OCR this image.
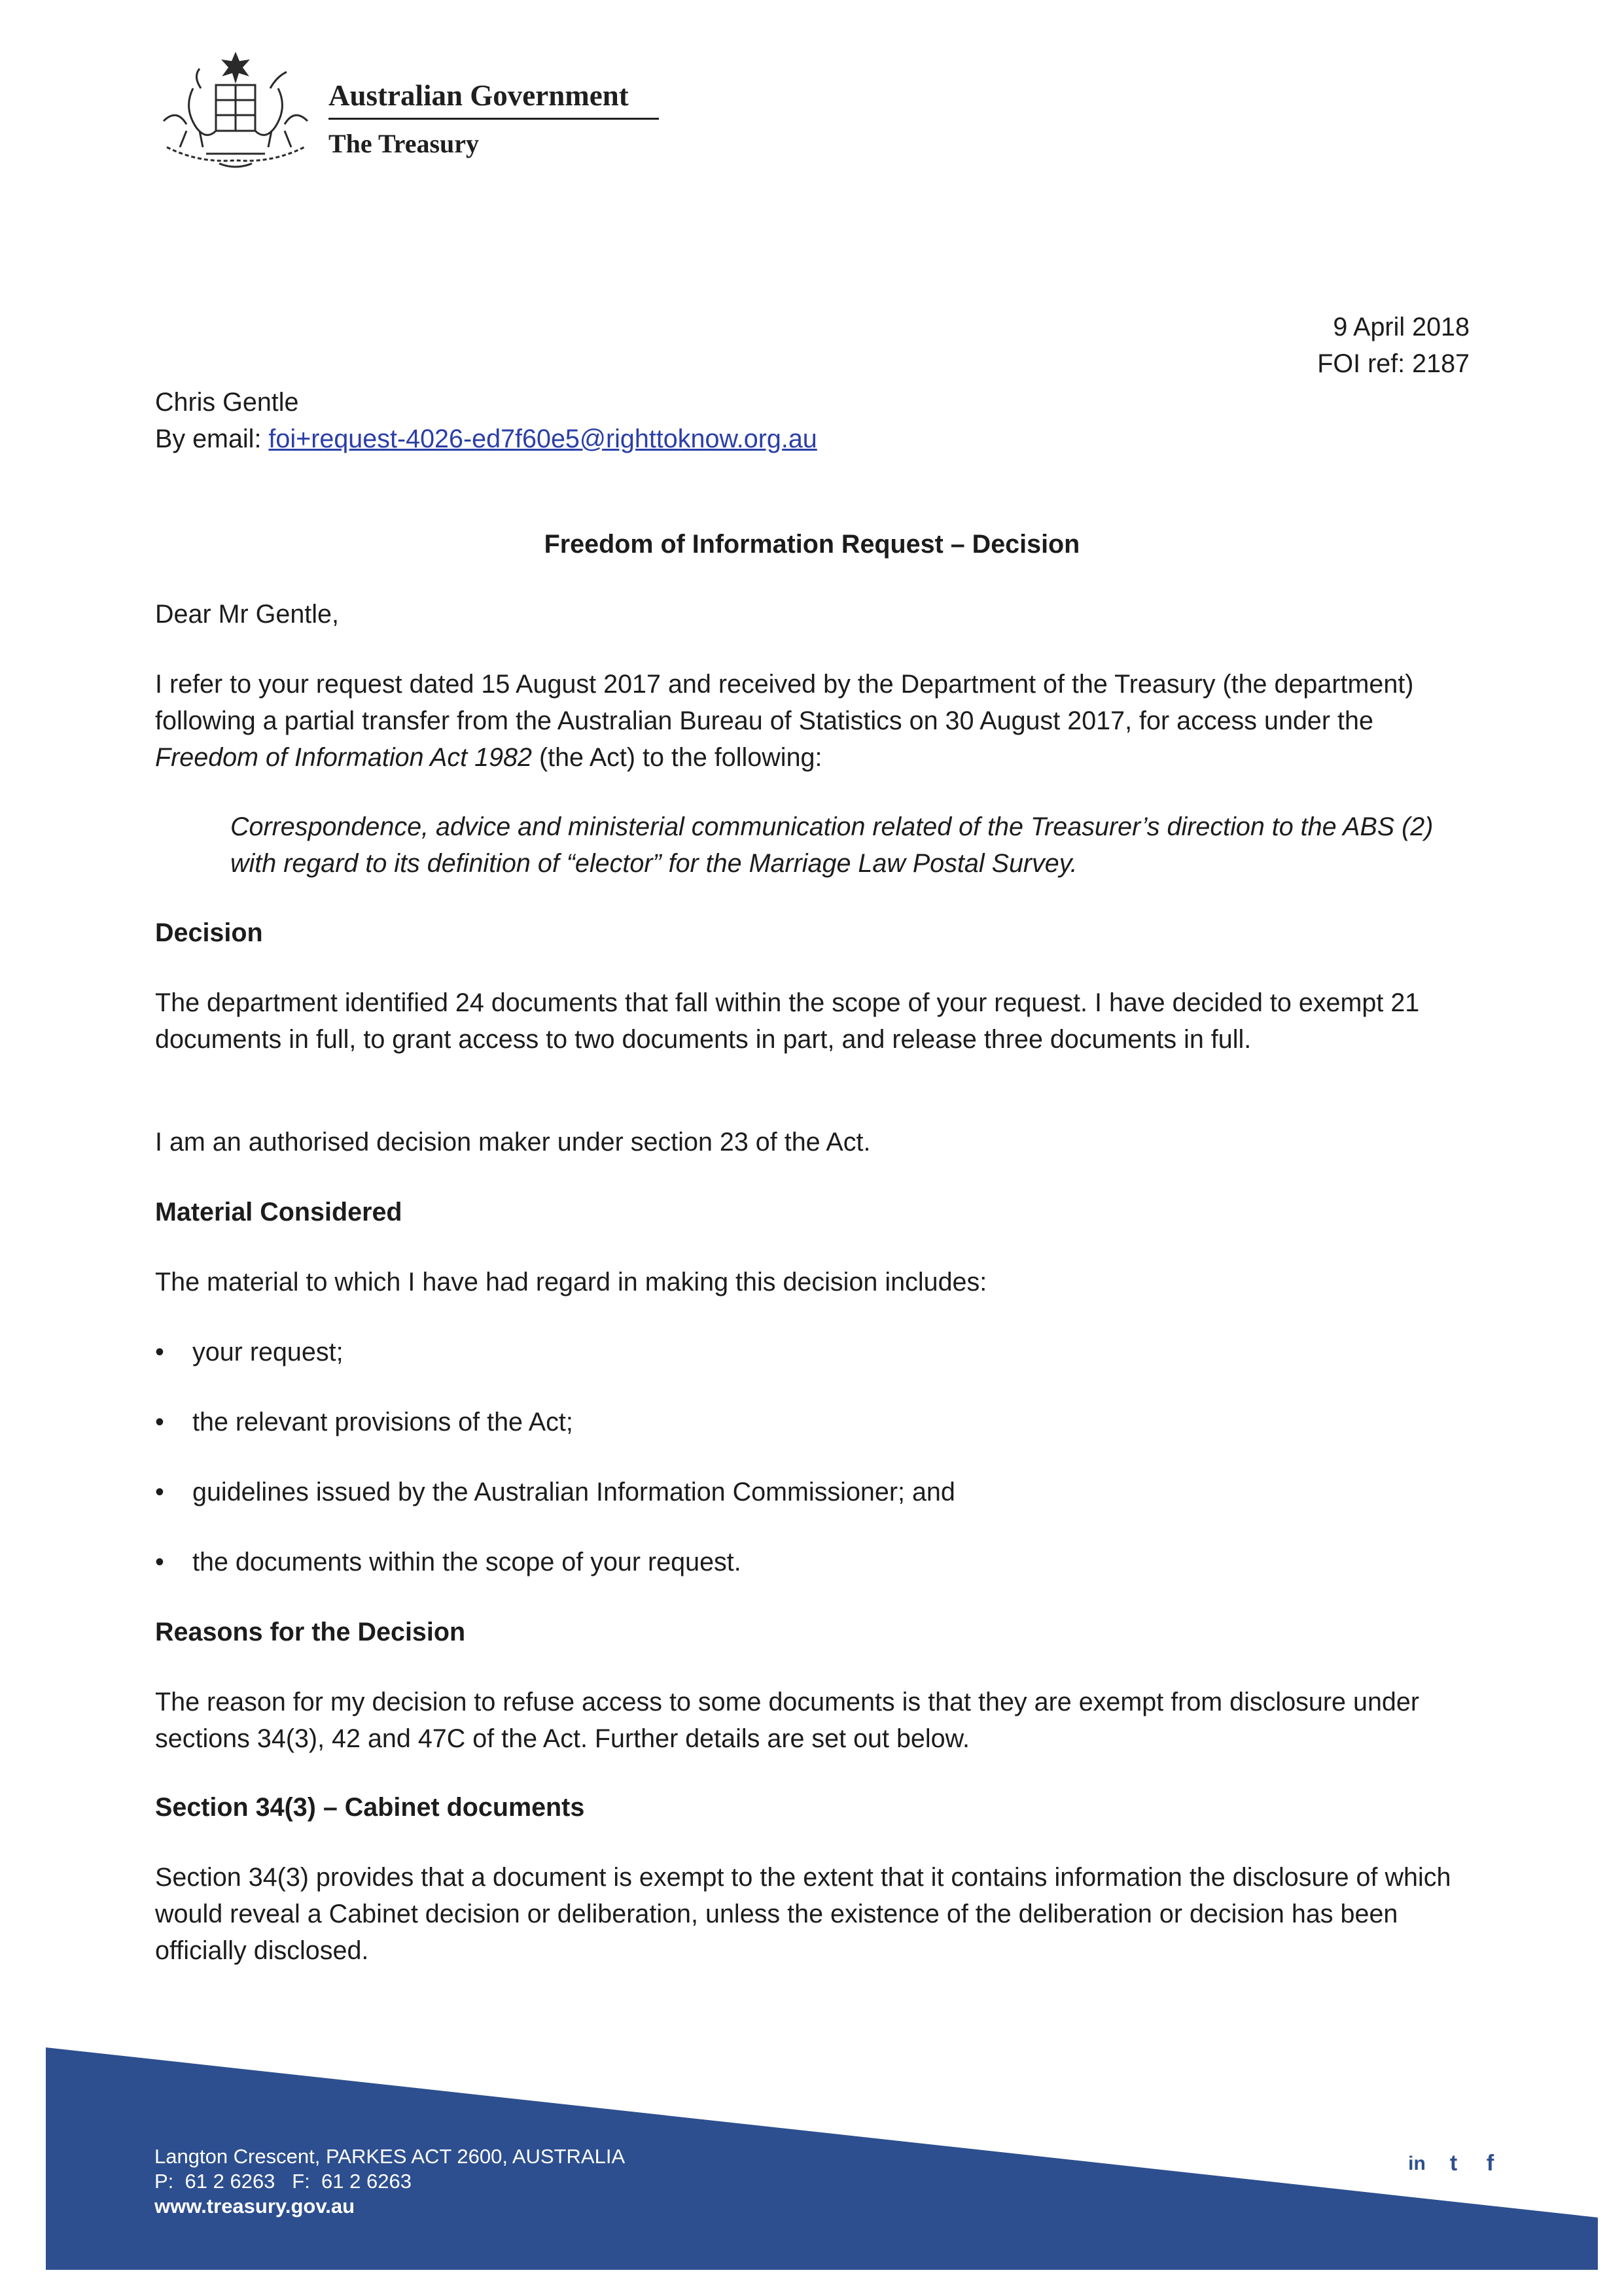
Australian Government
The Treasury
9 April 2018
FOI ref: 2187
Chris Gentle
By email: foi+request-4026-ed7f60e5@righttoknow.org.au
Freedom of Information Request – Decision
Dear Mr Gentle,
I refer to your request dated 15 August 2017 and received by the Department of the Treasury (the department) following a partial transfer from the Australian Bureau of Statistics on 30 August 2017, for access under the Freedom of Information Act 1982 (the Act) to the following:
Correspondence, advice and ministerial communication related of the Treasurer’s direction to the ABS (2) with regard to its definition of “elector” for the Marriage Law Postal Survey.
Decision
The department identified 24 documents that fall within the scope of your request. I have decided to exempt 21 documents in full, to grant access to two documents in part, and release three documents in full.
I am an authorised decision maker under section 23 of the Act.
Material Considered
The material to which I have had regard in making this decision includes:
•	your request;
•	the relevant provisions of the Act;
•	guidelines issued by the Australian Information Commissioner; and
•	the documents within the scope of your request.
Reasons for the Decision
The reason for my decision to refuse access to some documents is that they are exempt from disclosure under sections 34(3), 42 and 47C of the Act. Further details are set out below.
Section 34(3) – Cabinet documents
Section 34(3) provides that a document is exempt to the extent that it contains information the disclosure of which would reveal a Cabinet decision or deliberation, unless the existence of the deliberation or decision has been officially disclosed.
Langton Crescent, PARKES ACT 2600, AUSTRALIA
P:  61 2 6263   F:  61 2 6263
www.treasury.gov.au
in	t	f
